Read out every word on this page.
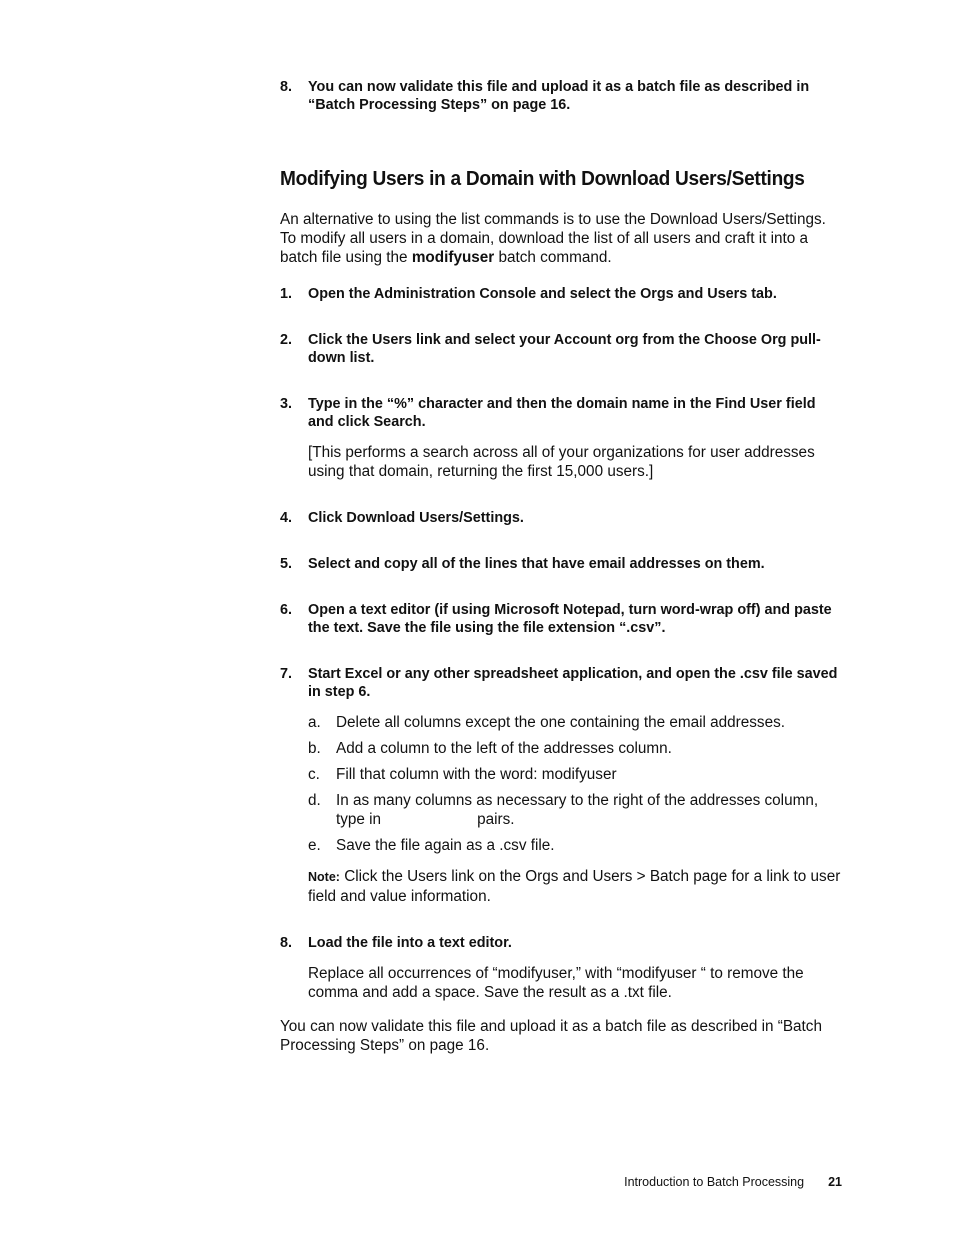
8.	You can now validate this file and upload it as a batch file as described in “Batch Processing Steps” on page 16.
Modifying Users in a Domain with Download Users/Settings

An alternative to using the list commands is to use the Download Users/Settings. To modify all users in a domain, download the list of all users and craft it into a batch file using the modifyuser batch command.

1.	Open the Administration Console and select the Orgs and Users tab.
2.	Click the Users link and select your Account org from the Choose Org pull-down list.
3.	Type in the “%” character and then the domain name in the Find User field and click Search.

[This performs a search across all of your organizations for user addresses using that domain, returning the first 15,000 users.]

4.	Click Download Users/Settings.
5.	Select and copy all of the lines that have email addresses on them.
6.	Open a text editor (if using Microsoft Notepad, turn word-wrap off) and paste the text. Save the file using the file extension “.csv”.
7.	Start Excel or any other spreadsheet application, and open the .csv file saved in step 6.
a. Delete all columns except the one containing the email addresses.
b. Add a column to the left of the addresses column.
c.	Fill that column with the word: modifyuser
d. In as many columns as necessary to the right of the addresses column, type in	pairs.
e. Save the file again as a .csv file.

Note: Click the Users link on the Orgs and Users > Batch page for a link to user field and value information.

8.	Load the file into a text editor.

Replace all occurrences of “modifyuser,” with “modifyuser “ to remove the comma and add a space. Save the result as a .txt file.

You can now validate this file and upload it as a batch file as described in “Batch Processing Steps” on page 16.

Introduction to Batch Processing 21
